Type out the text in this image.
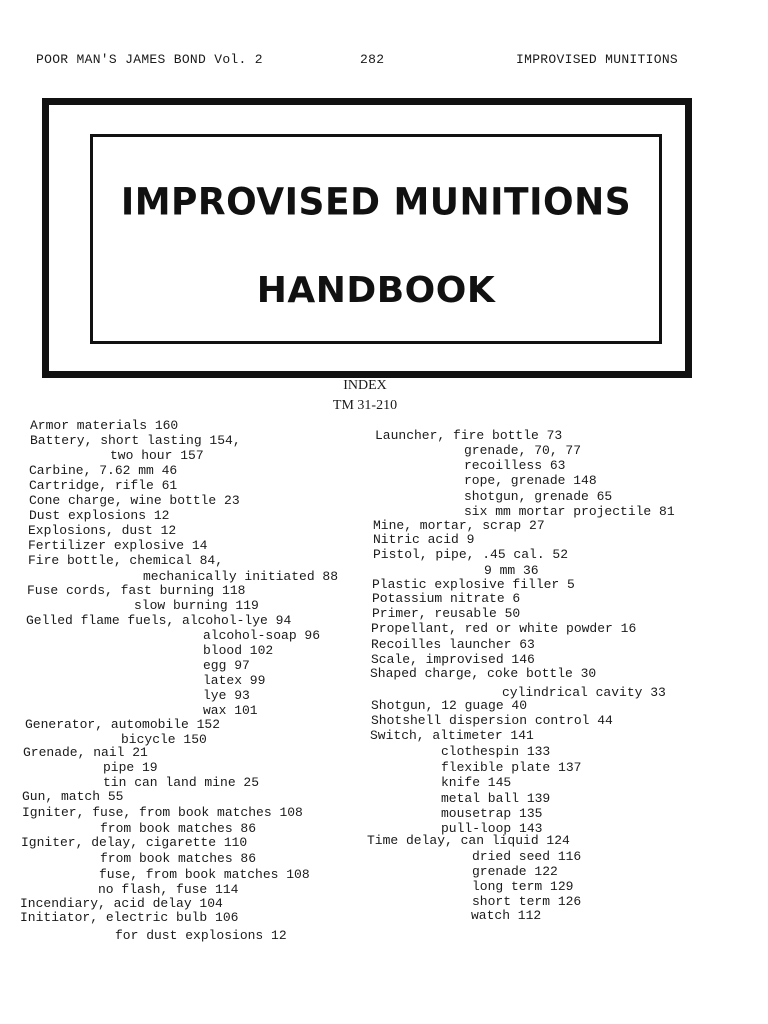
POOR MAN'S JAMES BOND Vol. 2	282	IMPROVISED MUNITIONS
IMPROVISED MUNITIONS
HANDBOOK
INDEX
TM 31-210
Armor materials 160
Battery, short lasting 154,
two hour 157
Carbine, 7.62 mm 46
Cartridge, rifle 61
Cone charge, wine bottle 23
Dust explosions 12
Explosions, dust 12
Fertilizer explosive 14
Fire bottle, chemical 84,
mechanically initiated 88
Fuse cords, fast burning 118
slow burning 119
Gelled flame fuels, alcohol-lye 94
alcohol-soap 96
blood 102
egg 97
latex 99
lye 93
wax 101
Generator, automobile 152
bicycle 150
Grenade, nail 21
pipe 19
tin can land mine 25
Gun, match 55
Igniter, fuse, from book matches 108
from book matches 86
Igniter, delay, cigarette 110
from book matches 86
fuse, from book matches 108
no flash, fuse 114
Incendiary, acid delay 104
Initiator, electric bulb 106
for dust explosions 12
Launcher, fire bottle 73
grenade, 70, 77
recoilless 63
rope, grenade 148
shotgun, grenade 65
six mm mortar projectile 81
Mine, mortar, scrap 27
Nitric acid 9
Pistol, pipe, .45 cal. 52
9 mm 36
Plastic explosive filler 5
Potassium nitrate 6
Primer, reusable 50
Propellant, red or white powder 16
Recoilles launcher 63
Scale, improvised 146
Shaped charge, coke bottle 30
cylindrical cavity 33
Shotgun, 12 guage 40
Shotshell dispersion control 44
Switch, altimeter 141
clothespin 133
flexible plate 137
knife 145
metal ball 139
mousetrap 135
pull-loop 143
Time delay, can liquid 124
dried seed 116
grenade 122
long term 129
short term 126
watch 112
